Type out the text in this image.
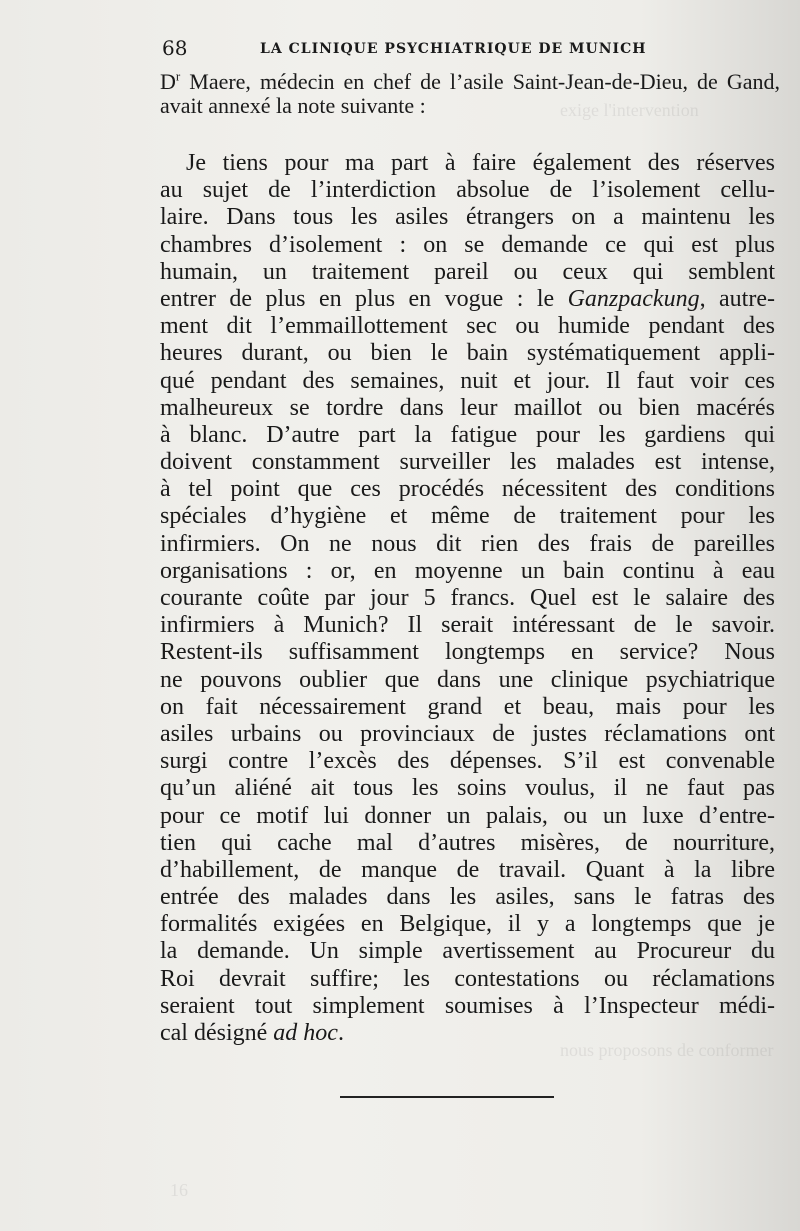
exige l'intervention
nous proposons de conformer
16
68	LA CLINIQUE PSYCHIATRIQUE DE MUNICH
$D^r$ Maere, médecin en chef de l’asile Saint-Jean-de-Dieu, de Gand, avait annexé la note suivante :
Je tiens pour ma part à faire également des réserves
au sujet de l’interdiction absolue de l’isolement cellu-
laire. Dans tous les asiles étrangers on a maintenu les
chambres d’isolement : on se demande ce qui est plus
humain, un traitement pareil ou ceux qui semblent
entrer de plus en plus en vogue : le Ganzpackung, autre-
ment dit l’emmaillottement sec ou humide pendant des
heures durant, ou bien le bain systématiquement appli-
qué pendant des semaines, nuit et jour. Il faut voir ces
malheureux se tordre dans leur maillot ou bien macérés
à blanc. D’autre part la fatigue pour les gardiens qui
doivent constamment surveiller les malades est intense,
à tel point que ces procédés nécessitent des conditions
spéciales d’hygiène et même de traitement pour les
infirmiers. On ne nous dit rien des frais de pareilles
organisations : or, en moyenne un bain continu à eau
courante coûte par jour 5 francs. Quel est le salaire des
infirmiers à Munich? Il serait intéressant de le savoir.
Restent-ils suffisamment longtemps en service? Nous
ne pouvons oublier que dans une clinique psychiatrique
on fait nécessairement grand et beau, mais pour les
asiles urbains ou provinciaux de justes réclamations ont
surgi contre l’excès des dépenses. S’il est convenable
qu’un aliéné ait tous les soins voulus, il ne faut pas
pour ce motif lui donner un palais, ou un luxe d’entre-
tien qui cache mal d’autres misères, de nourriture,
d’habillement, de manque de travail. Quant à la libre
entrée des malades dans les asiles, sans le fatras des
formalités exigées en Belgique, il y a longtemps que je
la demande. Un simple avertissement au Procureur du
Roi devrait suffire; les contestations ou réclamations
seraient tout simplement soumises à l’Inspecteur médi-
cal désigné ad hoc.
